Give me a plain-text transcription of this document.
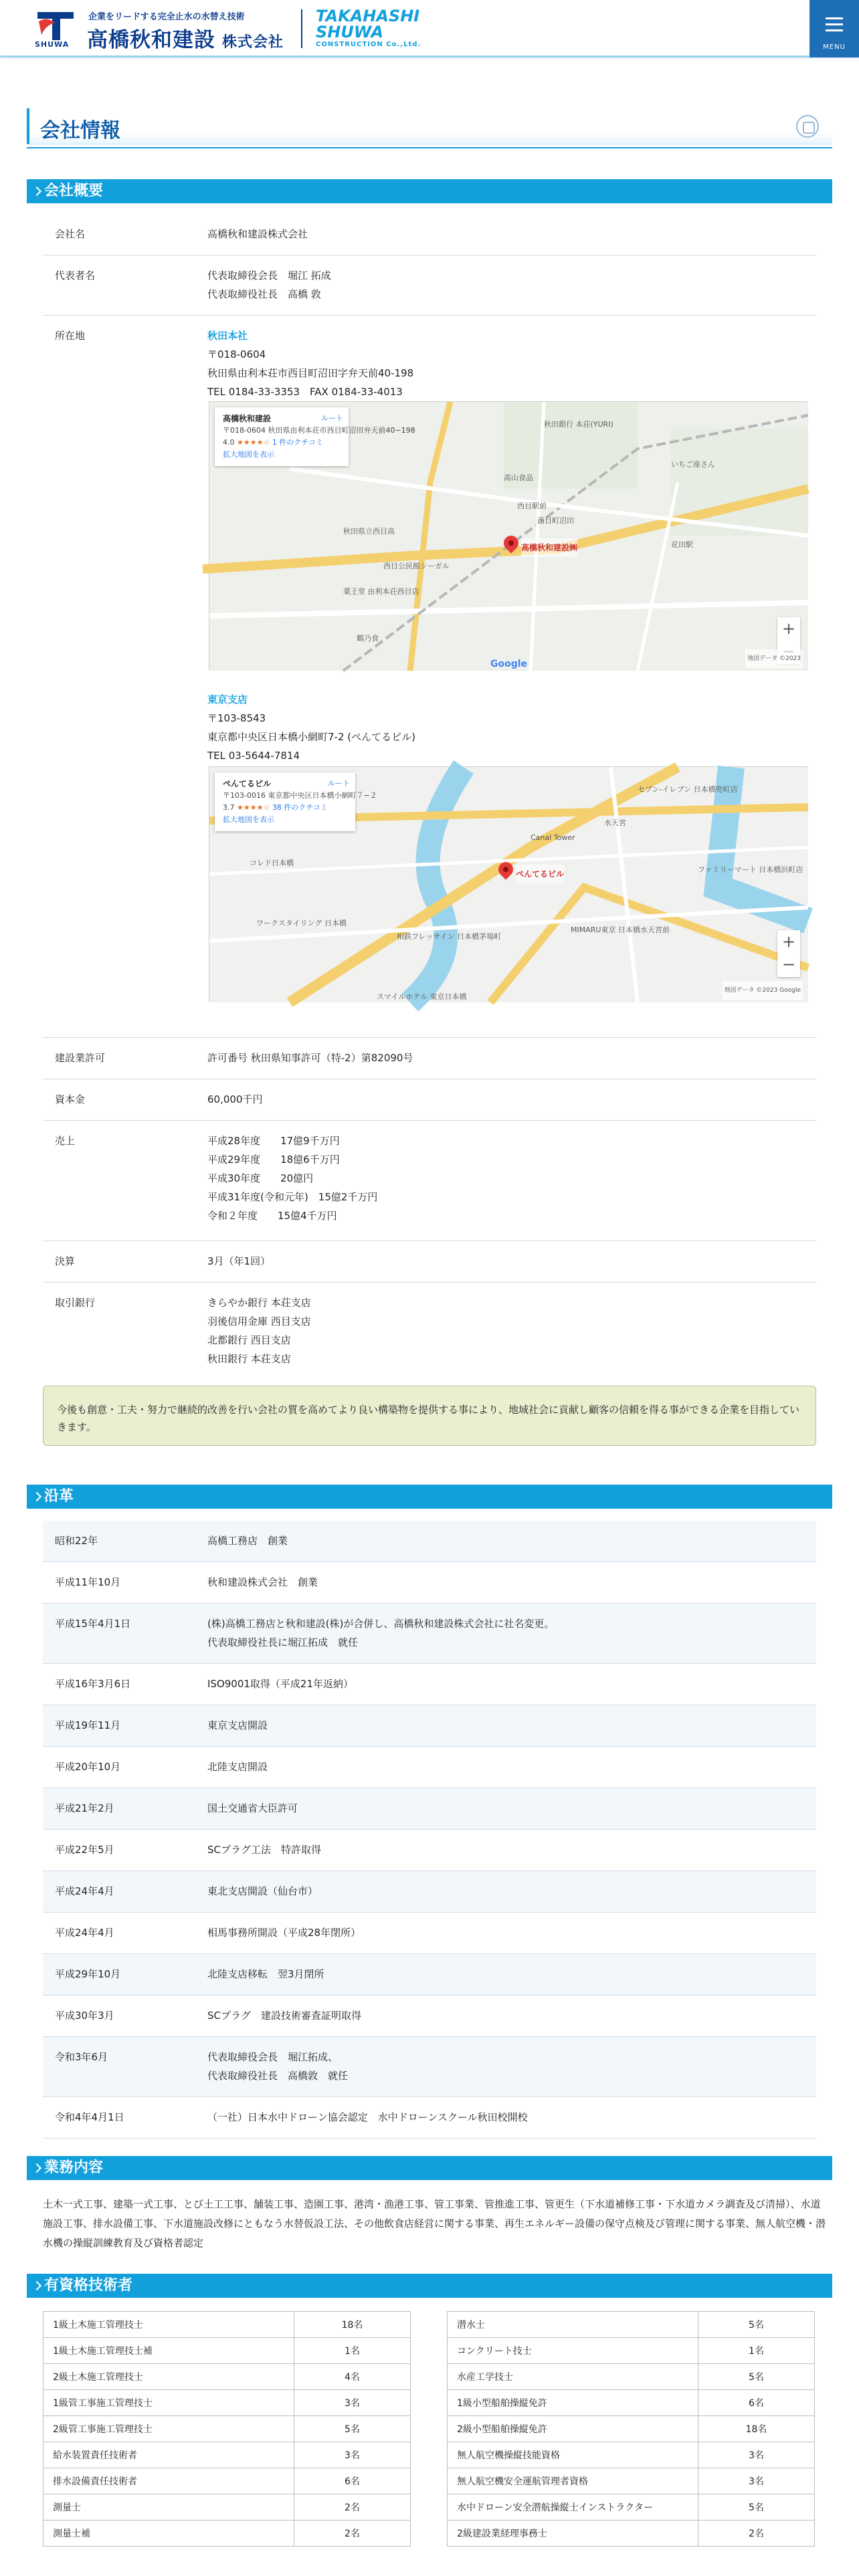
SHUWA
企業をリードする完全止水の水替え技術
高橋秋和建設 株式会社
TAKAHASHI
SHUWA
CONSTRUCTION Co.,Ltd.	MENU
会社情報
会社概要
会社名	高橋秋和建設株式会社
代表者名	代表取締役会長　堀江 拓成
代表取締役社長　高橋 敦
所在地	秋田本社
〒018-0604
秋田県由利本荘市西目町沼田字弁天前40-198
TEL 0184-33-3353　FAX 0184-33-4013
秋田銀行 本荘(YURI)
高山食品
西目駅前
西目町沼田
秋田県立西目高
西目公民館シーガル
薬王堂 由利本荘西目店
いちご座さん
花田駅
鶴乃食
高橋秋和建設㈱
高橋秋和建設
〒018-0604 秋田県由利本荘市西目町沼田弁天前40−198
4.0 ★★★★☆ 1 件のクチコミ
拡大地図を表示
ルート
+
Google	地図データ ©2023
東京支店
〒103-8543
東京都中央区日本橋小網町7-2 (ぺんてるビル)
TEL 03-5644-7814
セブン-イレブン 日本橋兜町店
Canal Tower
水天宮
コレド日本橋
ワークスタイリング 日本橋
相鉄フレッサイン 日本橋茅場町
MIMARU東京 日本橋水天宮前
ファミリーマート 日本橋浜町店
スマイルホテル 東京日本橋
ぺんてるビル
ぺんてるビル
〒103-0016 東京都中央区日本橋小網町７−２
3.7 ★★★★☆ 38 件のクチコミ
拡大地図を表示
ルート
+
−
地図データ ©2023 Google
建設業許可	許可番号 秋田県知事許可（特-2）第82090号
資本金	60,000千円
売上	平成28年度　　17億9千万円
平成29年度　　18億6千万円
平成30年度　　20億円
平成31年度(令和元年)　15億2千万円
令和２年度　　15億4千万円
決算	3月（年1回）
取引銀行	きらやか銀行 本荘支店
羽後信用金庫 西目支店
北都銀行 西目支店
秋田銀行 本荘支店
今後も創意・工夫・努力で継続的改善を行い会社の質を高めてより良い構築物を提供する事により、地域社会に貢献し顧客の信頼を得る事ができる企業を目指していきます。
沿革
昭和22年	高橋工務店　創業
平成11年10月	秋和建設株式会社　創業
平成15年4月1日	(株)高橋工務店と秋和建設(株)が合併し、高橋秋和建設株式会社に社名変更。
代表取締役社長に堀江拓成　就任
平成16年3月6日	ISO9001取得（平成21年返納）
平成19年11月	東京支店開設
平成20年10月	北陸支店開設
平成21年2月	国土交通省大臣許可
平成22年5月	SCプラグ工法　特許取得
平成24年4月	東北支店開設（仙台市）
平成24年4月	相馬事務所開設（平成28年閉所）
平成29年10月	北陸支店移転　翌3月閉所
平成30年3月	SCプラグ　建設技術審査証明取得
令和3年6月	代表取締役会長　堀江拓成、
代表取締役社長　高橋敦　就任
令和4年4月1日	（一社）日本水中ドローン協会認定　水中ドローンスクール秋田校開校
業務内容
土木一式工事、建築一式工事、とび土工工事、舗装工事、造園工事、港湾・漁港工事、管工事業、管推進工事、管更生（下水道補修工事・下水道カメラ調査及び清掃）、水道施設工事、排水設備工事、下水道施設改修にともなう水替仮設工法、その他飲食店経営に関する事業、再生エネルギー設備の保守点検及び管理に関する事業、無人航空機・潜水機の操縦訓練教育及び資格者認定
有資格技術者
1級土木施工管理技士	18名
1級土木施工管理技士補	1名
2級土木施工管理技士	4名
1級管工事施工管理技士	3名
2級管工事施工管理技士	5名
給水装置責任技術者	3名
排水設備責任技術者	6名
測量士	2名
測量士補	2名
潜水士	5名
コンクリート技士	1名
水産工学技士	5名
1級小型船舶操縦免許	6名
2級小型船舶操縦免許	18名
無人航空機操縦技能資格	3名
無人航空機安全運航管理者資格	3名
水中ドローン安全潜航操縦士インストラクター	5名
2級建設業経理事務士	2名
